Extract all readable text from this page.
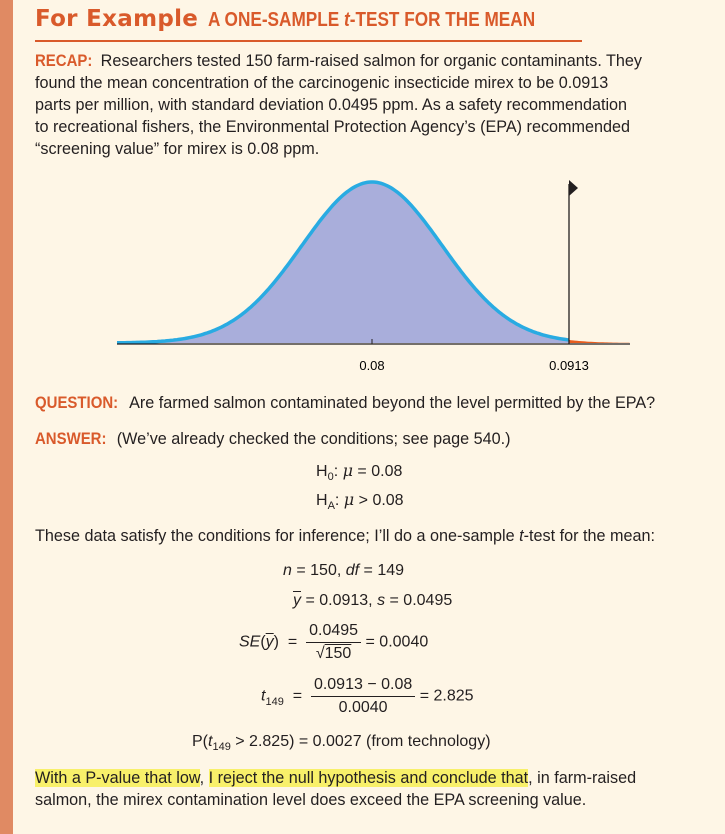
For Example A ONE-SAMPLE t-TEST FOR THE MEAN
RECAP: Researchers tested 150 farm-raised salmon for organic contaminants. They
found the mean concentration of the carcinogenic insecticide mirex to be 0.0913
parts per million, with standard deviation 0.0495 ppm. As a safety recommendation
to recreational fishers, the Environmental Protection Agency’s (EPA) recommended
“screening value” for mirex is 0.08 ppm.
0.08	0.0913
QUESTION: Are farmed salmon contaminated beyond the level permitted by the EPA?
ANSWER: (We’ve already checked the conditions; see page 540.)
$H_0$: μ = 0.08
$H_A$: μ > 0.08
These data satisfy the conditions for inference; I’ll do a one-sample t-test for the mean:
n = 150, df = 149
$\overline{y} = 0.0913$, s = 0.0495
$SE(\overline{y}) = \frac{0.0495}{√150} = 0.0040$
$t_{149} = \frac{0.0913 - 0.08}{0.0040} = 2.825$
$P(t_{149} > 2.825) = 0.0027$ (from technology)
With a P-value that low, I reject the null hypothesis and conclude that, in farm-raised
salmon, the mirex contamination level does exceed the EPA screening value.
